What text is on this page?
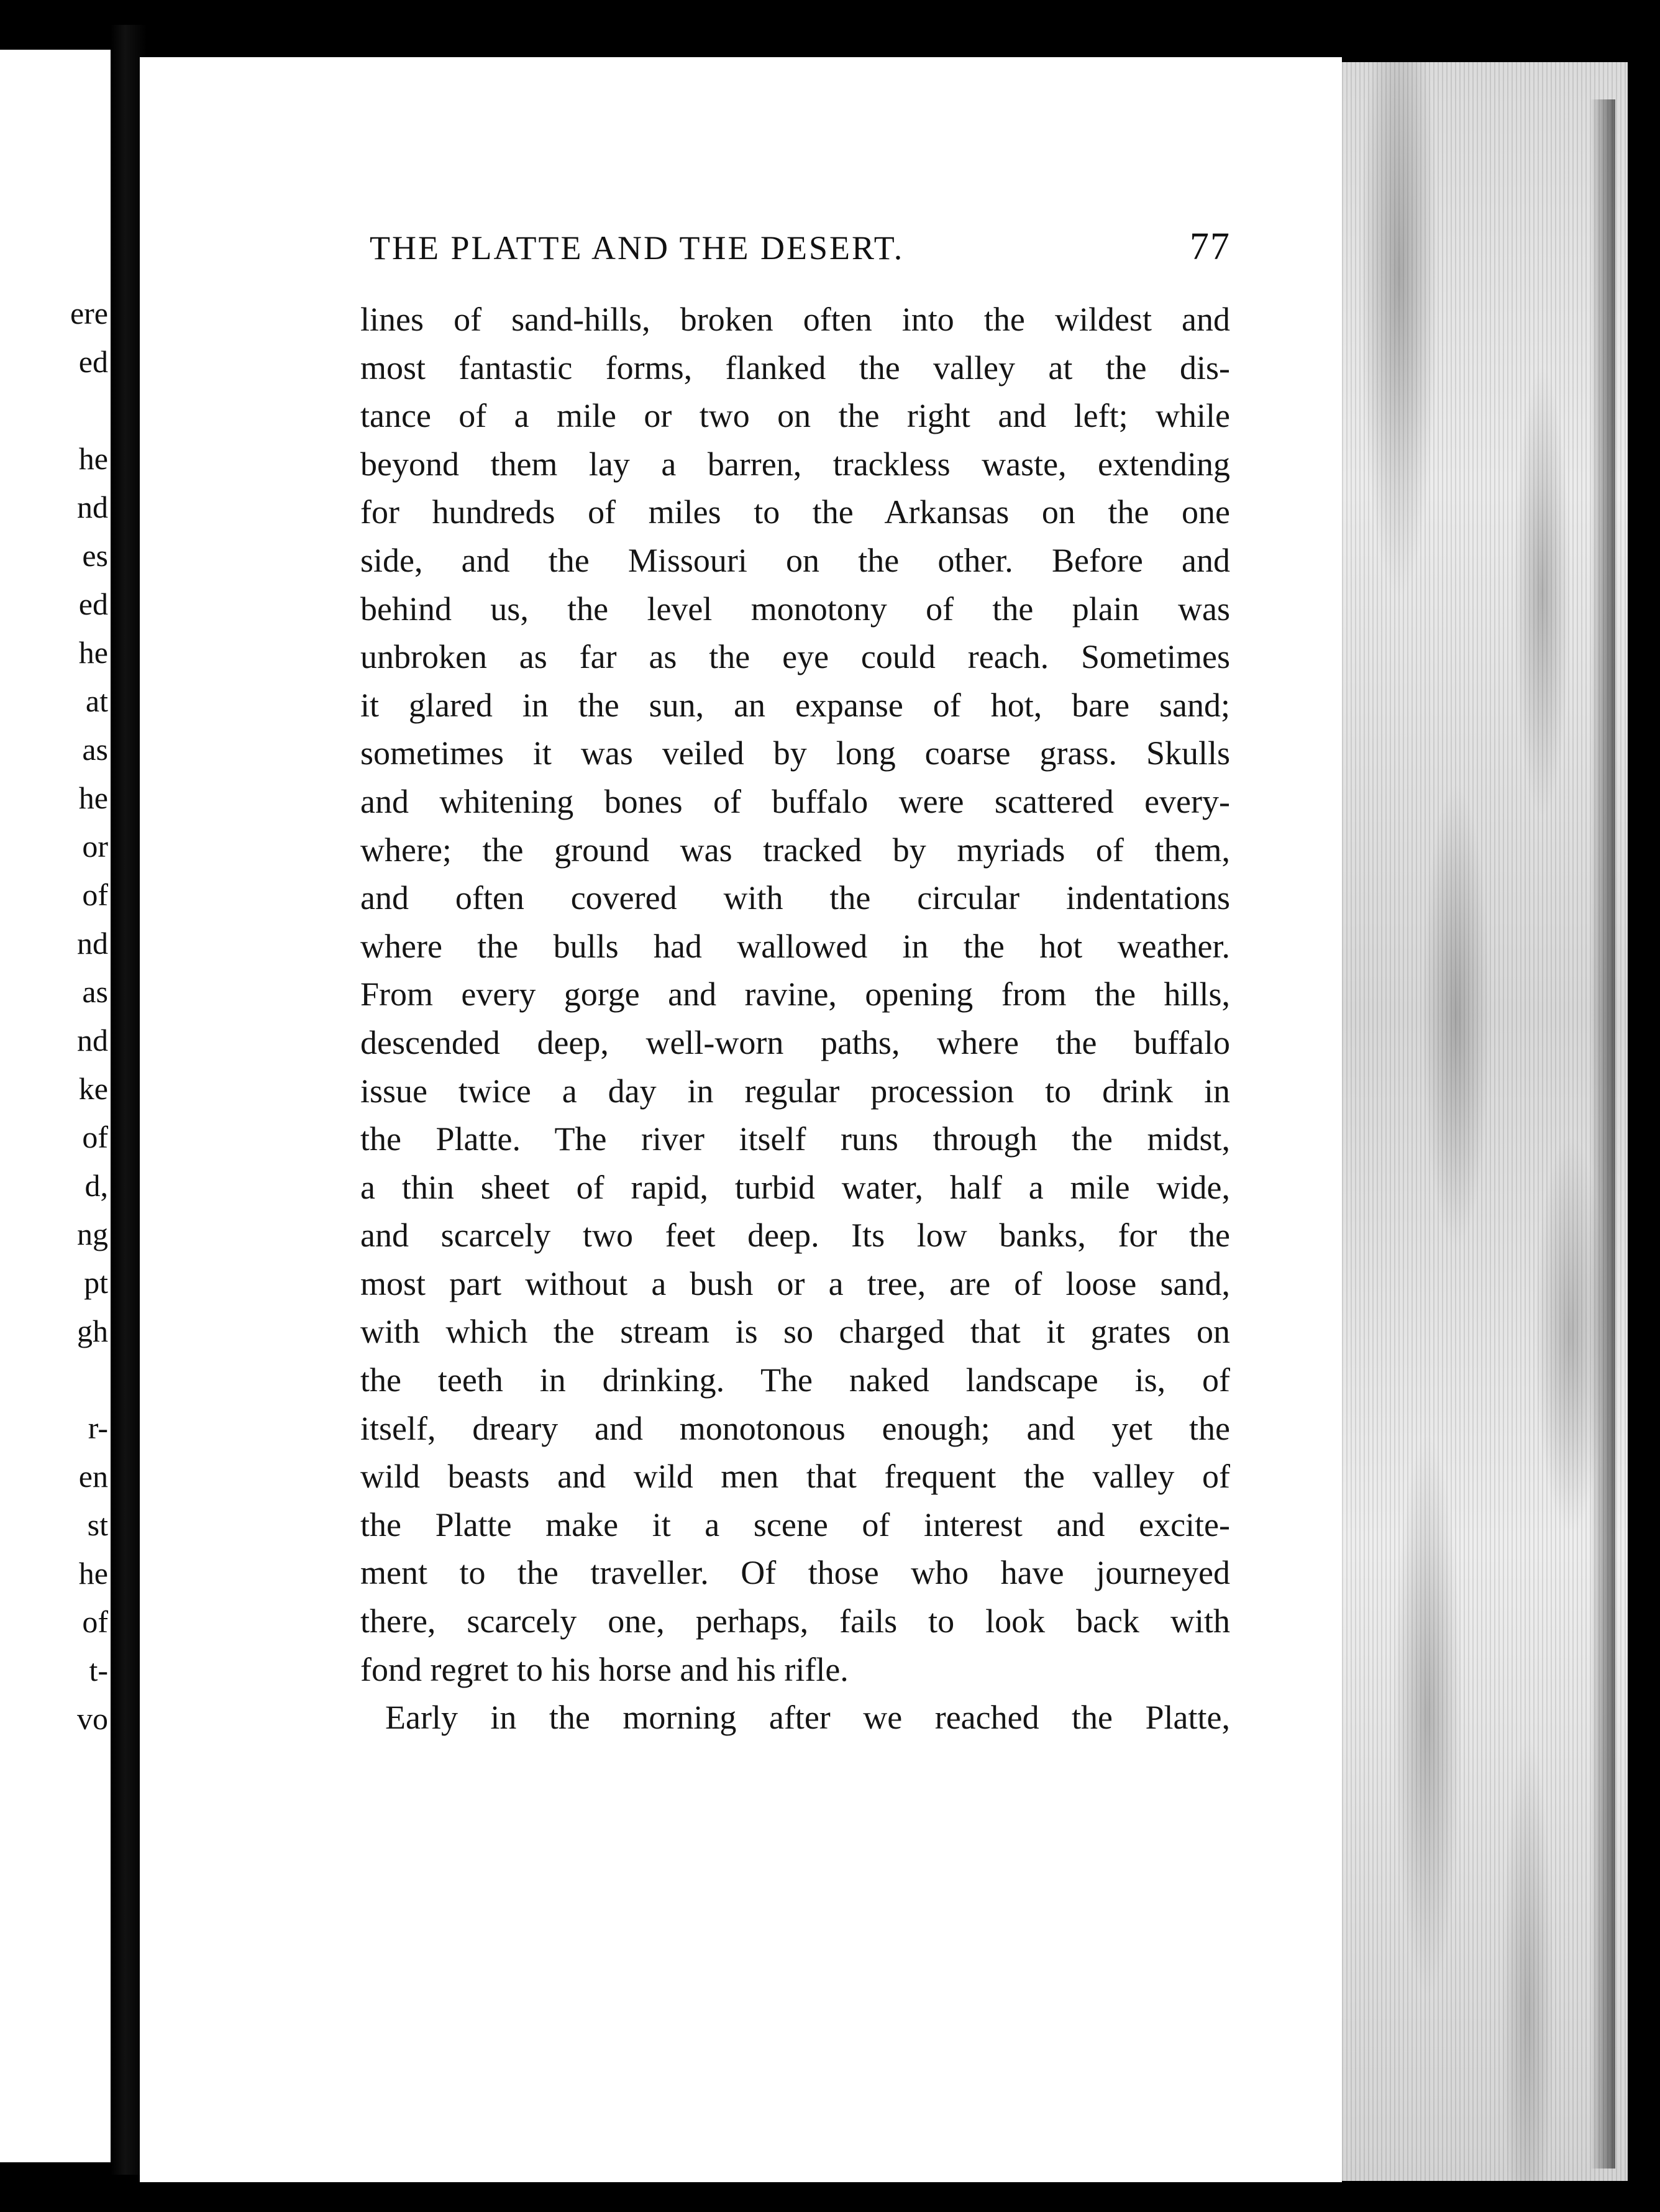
ere
ed
he
nd
es
ed
he
at
as
he
or
of
nd
as
nd
ke
of
d,
ng
pt
gh
r-
en
st
he
of
t-
vo
THE PLATTE AND THE DESERT.	77
lines of sand-hills, broken often into the wildest and
most fantastic forms, flanked the valley at the dis-
tance of a mile or two on the right and left; while
beyond them lay a barren, trackless waste, extending
for hundreds of miles to the Arkansas on the one
side, and the Missouri on the other. Before and
behind us, the level monotony of the plain was
unbroken as far as the eye could reach. Sometimes
it glared in the sun, an expanse of hot, bare sand;
sometimes it was veiled by long coarse grass. Skulls
and whitening bones of buffalo were scattered every-
where; the ground was tracked by myriads of them,
and often covered with the circular indentations
where the bulls had wallowed in the hot weather.
From every gorge and ravine, opening from the hills,
descended deep, well-worn paths, where the buffalo
issue twice a day in regular procession to drink in
the Platte. The river itself runs through the midst,
a thin sheet of rapid, turbid water, half a mile wide,
and scarcely two feet deep. Its low banks, for the
most part without a bush or a tree, are of loose sand,
with which the stream is so charged that it grates on
the teeth in drinking. The naked landscape is, of
itself, dreary and monotonous enough; and yet the
wild beasts and wild men that frequent the valley of
the Platte make it a scene of interest and excite-
ment to the traveller. Of those who have journeyed
there, scarcely one, perhaps, fails to look back with
fond regret to his horse and his rifle.
Early in the morning after we reached the Platte,
